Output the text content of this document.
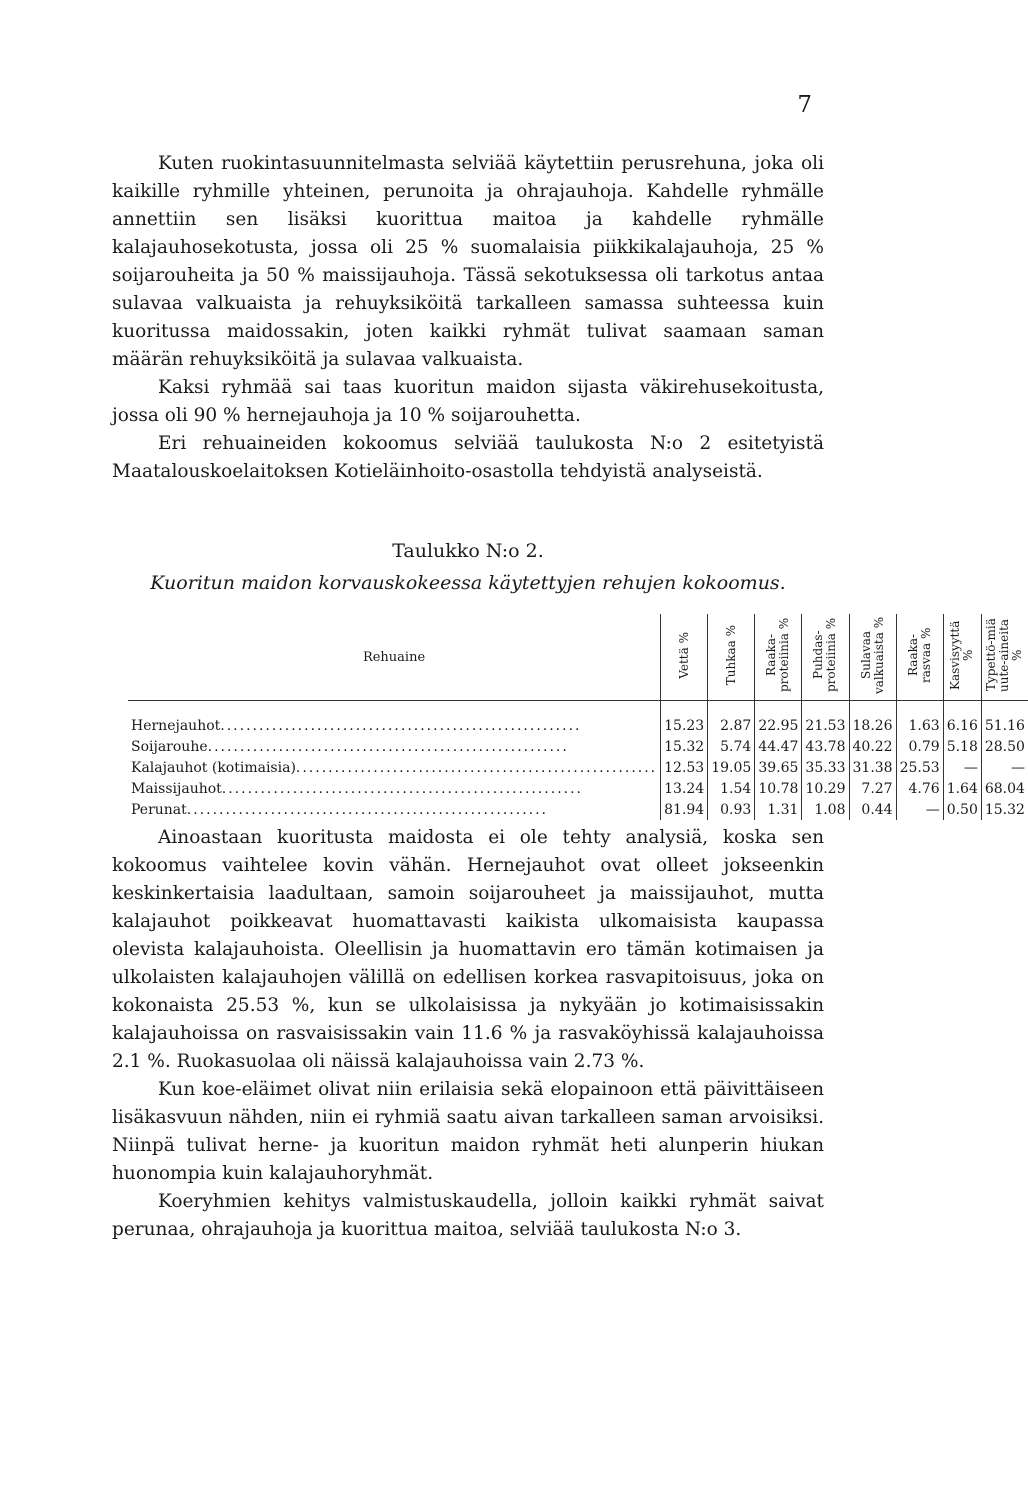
7

Kuten ruokintasuunnitelmasta selviää käytettiin perusrehuna, joka oli kaikille ryhmille yhteinen, perunoita ja ohrajauhoja. Kahdelle ryhmälle annettiin sen lisäksi kuorittua maitoa ja kahdelle ryhmälle kalajauhosekotusta, jossa oli 25 % suomalaisia piikkikalajauhoja, 25 % soijarouheita ja 50 % maissijauhoja. Tässä sekotuksessa oli tarkotus antaa sulavaa valkuaista ja rehuyksiköitä tarkalleen samassa suhteessa kuin kuoritussa maidossakin, joten kaikki ryhmät tulivat saamaan saman määrän rehuyksiköitä ja sulavaa valkuaista.

Kaksi ryhmää sai taas kuoritun maidon sijasta väkirehusekoitusta, jossa oli 90 % hernejauhoja ja 10 % soijarouhetta.

Eri rehuaineiden kokoomus selviää taulukosta N:o 2 esitetyistä Maatalouskoelaitoksen Kotieläinhoito-osastolla tehdyistä analyseistä.

Taulukko N:o 2.
Kuoritun maidon korvauskokeessa käytettyjen rehujen kokoomus.
Rehuaine	Vettä %	Tuhkaa %	Raaka-proteiinia %	Puhdas-proteiinia %	Sulavaa valkuaista %	Raaka-rasvaa %	Kasvisyyttä %	Typettö-miä uute-aineita %

Hernejauhot
.....	15.23	2.87	22.95	21.53	18.26	1.63	6.16	51.16

Soijarouhe
.....	15.32	5.74	44.47	43.78	40.22	0.79	5.18	28.50

Kalajauhot (kotimaisia)
.....	12.53	19.05	39.65	35.33	31.38	25.53	—	—

Maissijauhot
.....	13.24	1.54	10.78	10.29	7.27	4.76	1.64	68.04

Perunat
.....	81.94	0.93	1.31	1.08	0.44	—	0.50	15.32

Ainoastaan kuoritusta maidosta ei ole tehty analysiä, koska sen kokoomus vaihtelee kovin vähän. Hernejauhot ovat olleet jokseenkin keskinkertaisia laadultaan, samoin soijarouheet ja maissijauhot, mutta kalajauhot poikkeavat huomattavasti kaikista ulkomaisista kaupassa olevista kalajauhoista. Oleellisin ja huomattavin ero tämän kotimaisen ja ulkolaisten kalajauhojen välillä on edellisen korkea rasvapitoisuus, joka on kokonaista 25.53 %, kun se ulkolaisissa ja nykyään jo kotimaisissakin kalajauhoissa on rasvaisissakin vain 11.6 % ja rasvaköyhissä kalajauhoissa 2.1 %. Ruokasuolaa oli näissä kalajauhoissa vain 2.73 %.

Kun koe-eläimet olivat niin erilaisia sekä elopainoon että päivittäiseen lisäkasvuun nähden, niin ei ryhmiä saatu aivan tarkalleen saman arvoisiksi. Niinpä tulivat herne- ja kuoritun maidon ryhmät heti alunperin hiukan huonompia kuin kalajauhoryhmät.

Koeryhmien kehitys valmistuskaudella, jolloin kaikki ryhmät saivat perunaa, ohrajauhoja ja kuorittua maitoa, selviää taulukosta N:o 3.
